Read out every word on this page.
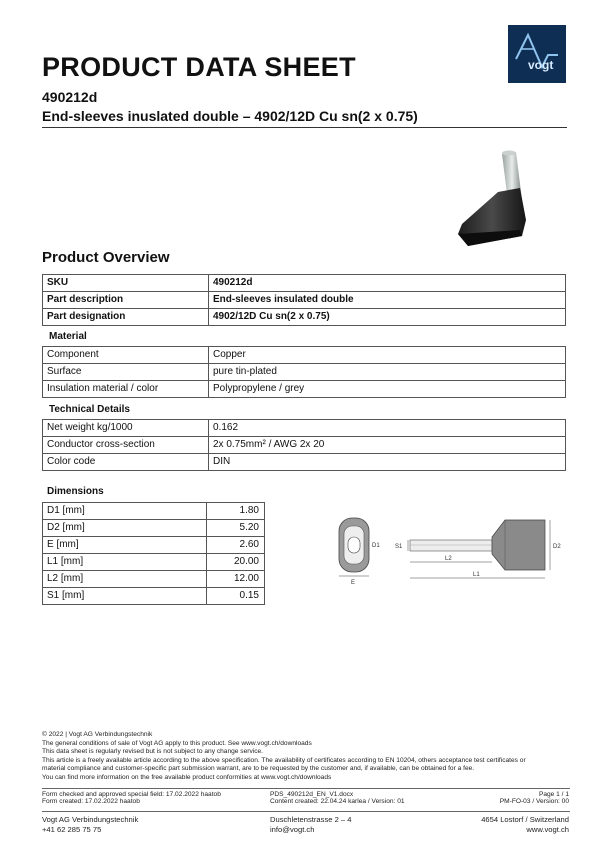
PRODUCT DATA SHEET	vogt
490212d
End-sleeves inuslated double – 4902/12D Cu sn(2 x 0.75)
Product Overview
SKU	490212d
Part description	End-sleeves insulated double
Part designation	4902/12D Cu sn(2 x 0.75)
Material
Component	Copper
Surface	pure tin-plated
Insulation material / color	Polypropylene / grey
Technical Details
Net weight kg/1000	0.162
Conductor cross-section	2x 0.75mm² / AWG 2x 20
Color code	DIN
Dimensions
D1 [mm]	1.80
D2 [mm]	5.20
E [mm]	2.60
L1 [mm]	20.00
L2 [mm]	12.00
S1 [mm]	0.15
E
D1	S1	D2
L2
L1
© 2022 | Vogt AG Verbindungstechnik
The general conditions of sale of Vogt AG apply to this product. See www.vogt.ch/downloads
This data sheet is regularly revised but is not subject to any change service.
This article is a freely available article according to the above specification. The availability of certificates according to EN 10204, others acceptance test certificates or
material compliance and customer-specific part submission warrant, are to be requested by the customer and, if available, can be obtained for a fee.
You can find more information on the free available product conformities at www.vogt.ch/downloads
Form checked and approved special field: 17.02.2022 haatob
Form created: 17.02.2022 haatob
PDS_490212d_EN_V1.docx
Content created: 22.04.24 karlea / Version: 01
Page 1 / 1
PM-FO-03 / Version: 00
Vogt AG Verbindungstechnik
+41 62 285 75 75
Duschletenstrasse 2 – 4
info@vogt.ch
4654 Lostorf / Switzerland
www.vogt.ch
